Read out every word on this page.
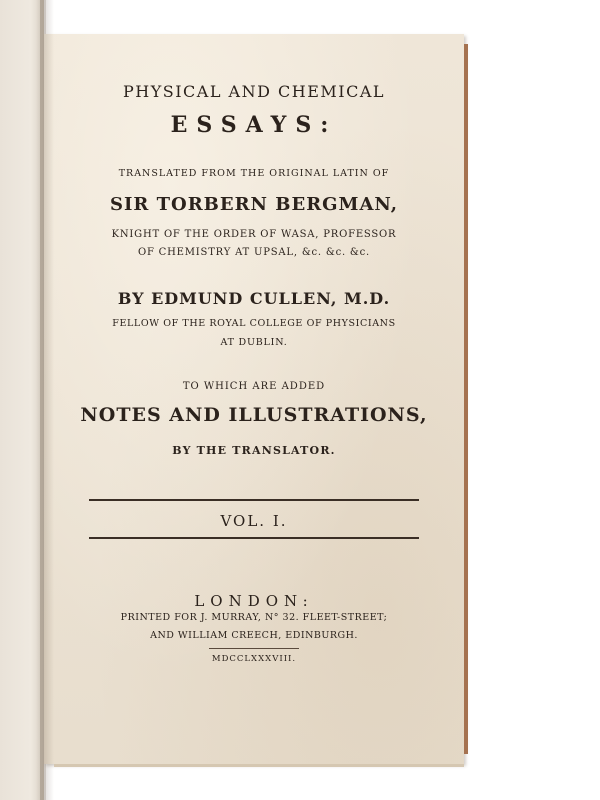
PHYSICAL AND CHEMICAL
ESSAYS:
TRANSLATED FROM THE ORIGINAL LATIN OF
SIR TORBERN BERGMAN,
KNIGHT OF THE ORDER OF WASA, PROFESSOR
OF CHEMISTRY AT UPSAL, &c. &c. &c.
BY EDMUND CULLEN, M.D.
FELLOW OF THE ROYAL COLLEGE OF PHYSICIANS
AT DUBLIN.
TO WHICH ARE ADDED
NOTES AND ILLUSTRATIONS,
BY THE TRANSLATOR.
VOL. I.
LONDON:
PRINTED FOR J. MURRAY, N° 32. FLEET-STREET;
AND WILLIAM CREECH, EDINBURGH.
MDCCLXXXVIII.
